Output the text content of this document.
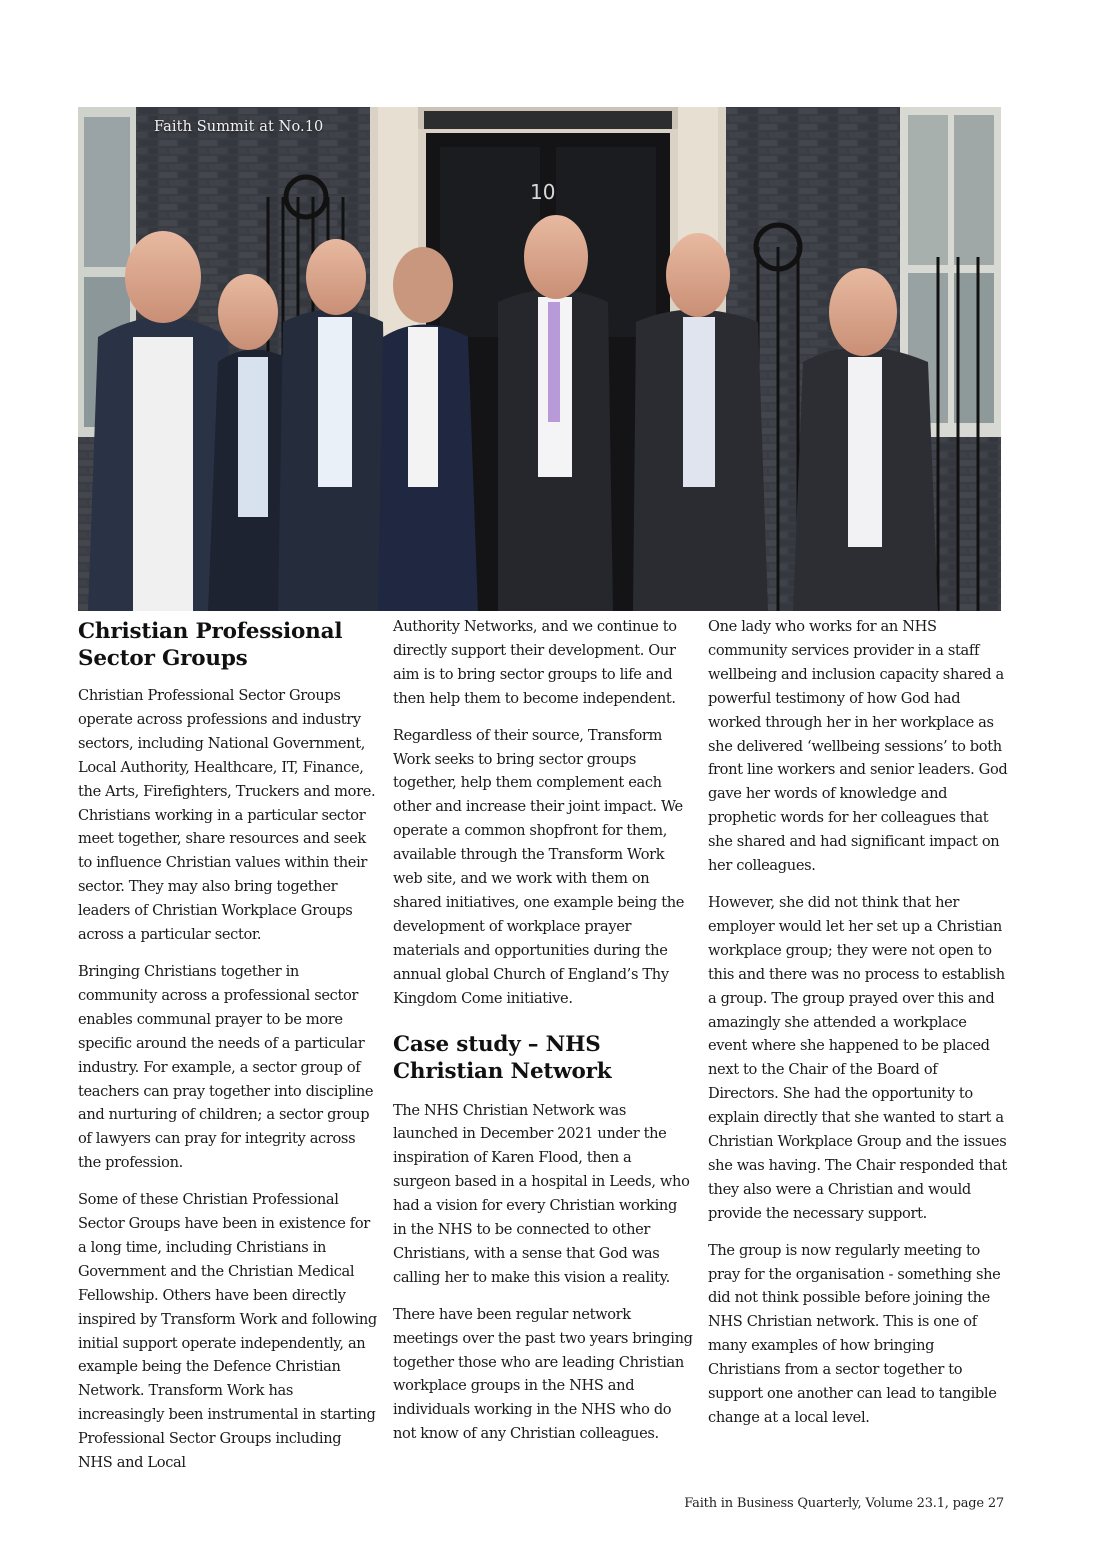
10
Faith Summit at No.10
Christian Professional Sector Groups

Christian Professional Sector Groups operate across professions and industry sectors, including National Government, Local Authority, Healthcare, IT, Finance, the Arts, Firefighters, Truckers and more. Christians working in a particular sector meet together, share resources and seek to influence Christian values within their sector. They may also bring together leaders of Christian Workplace Groups across a particular sector.

Bringing Christians together in community across a professional sector enables communal prayer to be more specific around the needs of a particular industry. For example, a sector group of teachers can pray together into discipline and nurturing of children; a sector group of lawyers can pray for integrity across the profession.

Some of these Christian Professional Sector Groups have been in existence for a long time, including Christians in Government and the Christian Medical Fellowship. Others have been directly inspired by Transform Work and following initial support operate independently, an example being the Defence Christian Network. Transform Work has increasingly been instrumental in starting Professional Sector Groups including NHS and Local

Authority Networks, and we continue to directly support their development. Our aim is to bring sector groups to life and then help them to become independent.

Regardless of their source, Transform Work seeks to bring sector groups together, help them complement each other and increase their joint impact. We operate a common shopfront for them, available through the Transform Work web site, and we work with them on shared initiatives, one example being the development of workplace prayer materials and opportunities during the annual global Church of England’s Thy Kingdom Come initiative.

Case study – NHS Christian Network

The NHS Christian Network was launched in December 2021 under the inspiration of Karen Flood, then a surgeon based in a hospital in Leeds, who had a vision for every Christian working in the NHS to be connected to other Christians, with a sense that God was calling her to make this vision a reality.

There have been regular network meetings over the past two years bringing together those who are leading Christian workplace groups in the NHS and individuals working in the NHS who do not know of any Christian colleagues.

One lady who works for an NHS community services provider in a staff wellbeing and inclusion capacity shared a powerful testimony of how God had worked through her in her workplace as she delivered ‘wellbeing sessions’ to both front line workers and senior leaders. God gave her words of knowledge and prophetic words for her colleagues that she shared and had significant impact on her colleagues.

However, she did not think that her employer would let her set up a Christian workplace group; they were not open to this and there was no process to establish a group. The group prayed over this and amazingly she attended a workplace event where she happened to be placed next to the Chair of the Board of Directors. She had the opportunity to explain directly that she wanted to start a Christian Workplace Group and the issues she was having. The Chair responded that they also were a Christian and would provide the necessary support.

The group is now regularly meeting to pray for the organisation - something she did not think possible before joining the NHS Christian network. This is one of many examples of how bringing Christians from a sector together to support one another can lead to tangible change at a local level.

Faith in Business Quarterly, Volume 23.1, page 27
